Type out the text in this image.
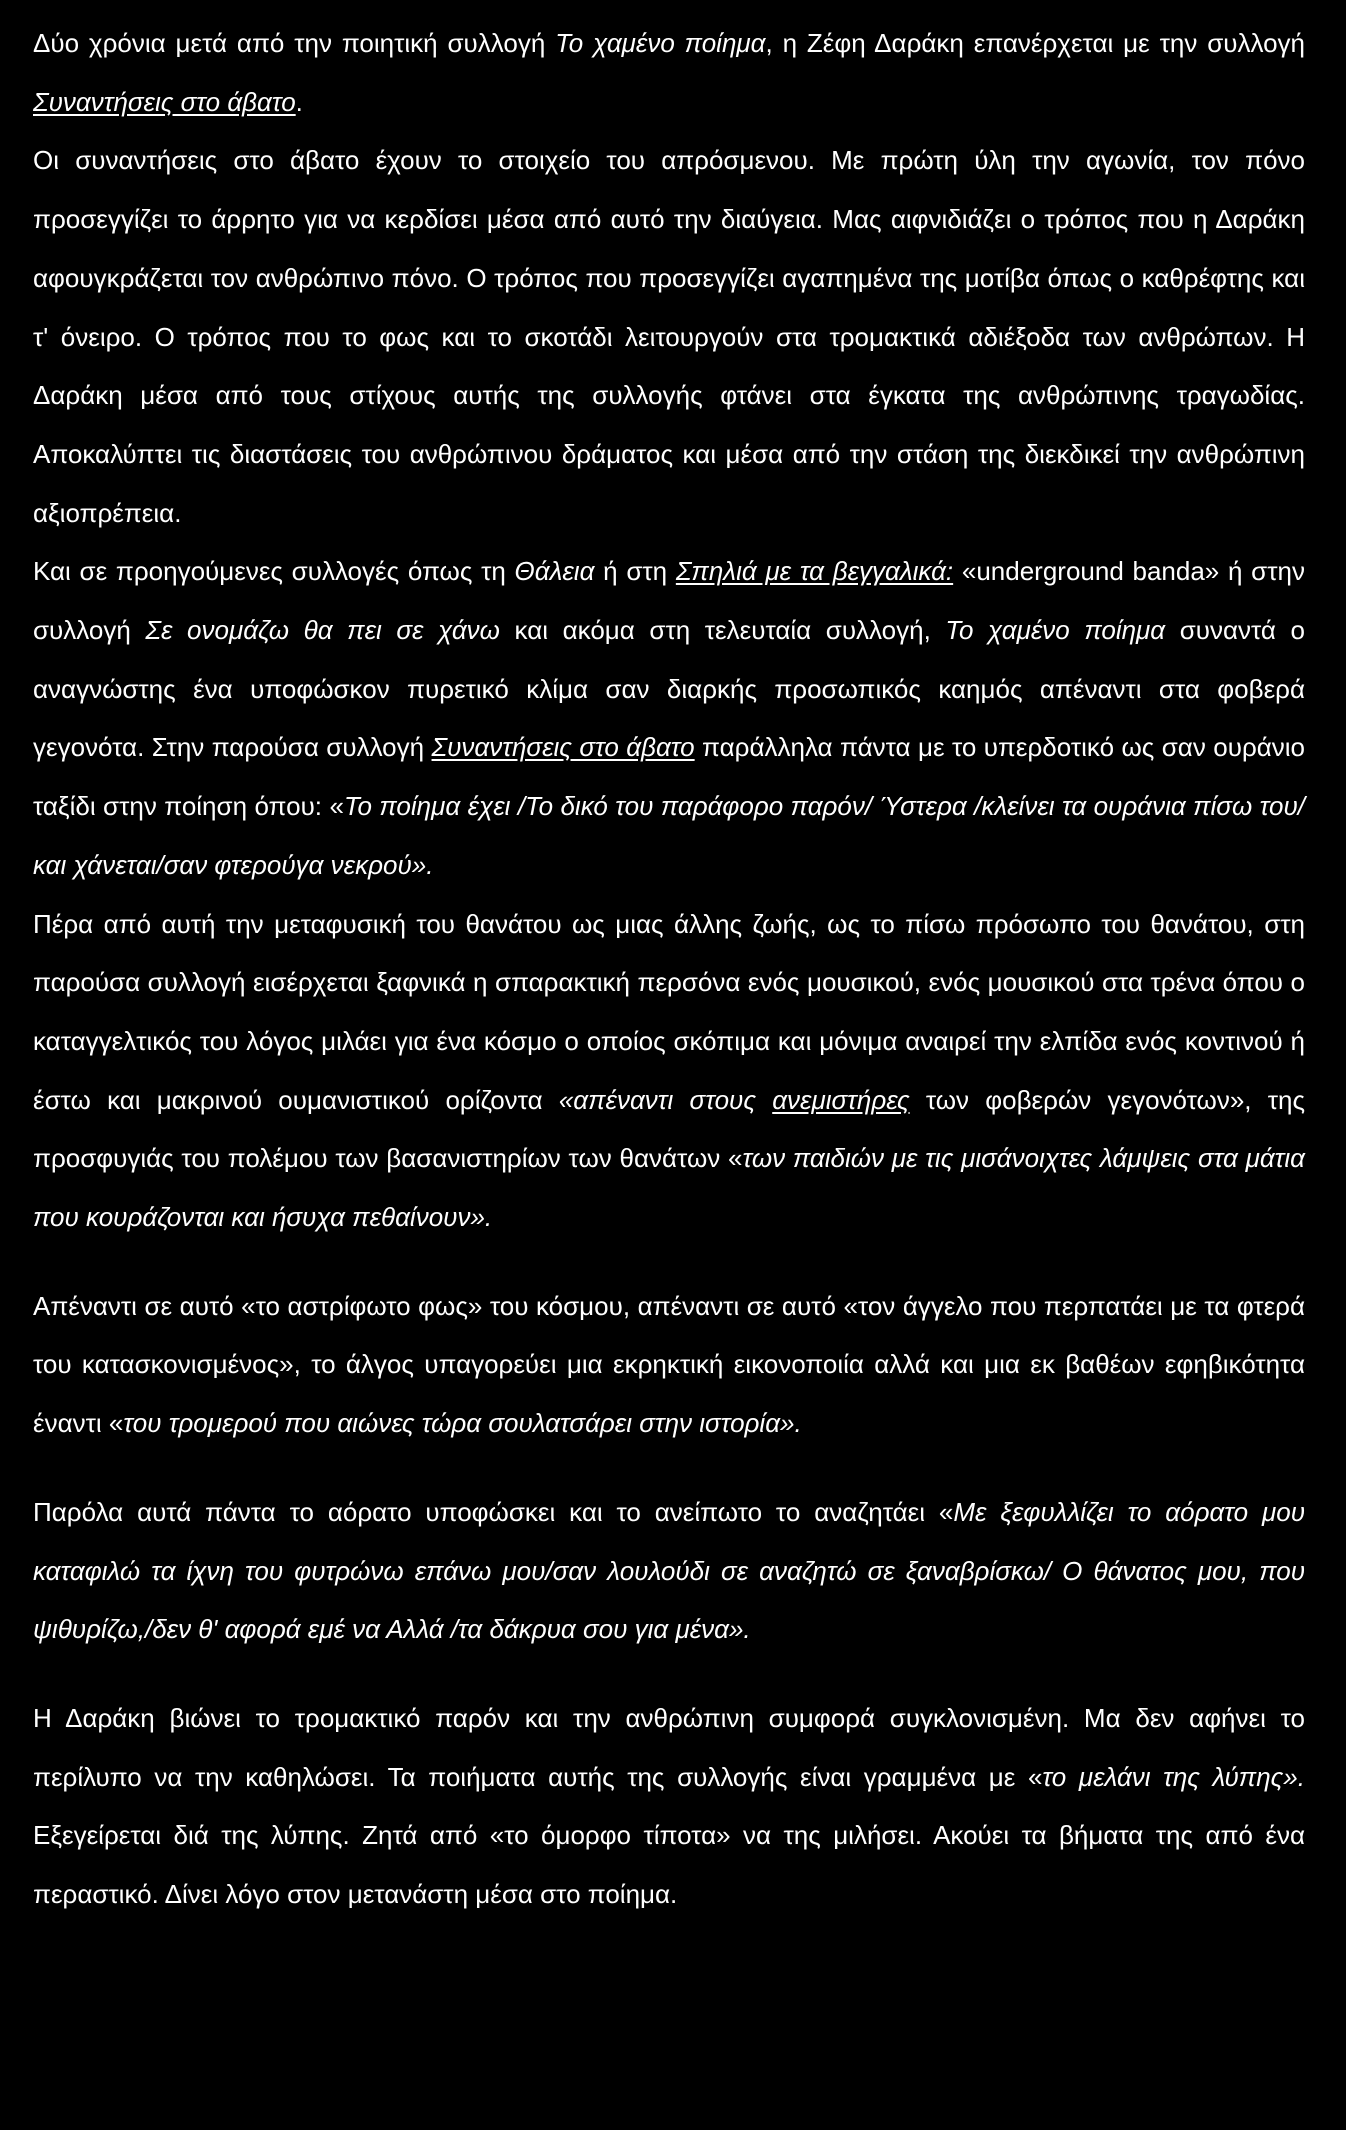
Δύο χρόνια μετά από την ποιητική συλλογή Το χαμένο ποίημα, η Ζέφη Δαράκη επανέρχεται με την συλλογή Συναντήσεις στο άβατο.

Οι συναντήσεις στο άβατο έχουν το στοιχείο του απρόσμενου. Με πρώτη ύλη την αγωνία, τον πόνο προσεγγίζει το άρρητο για να κερδίσει μέσα από αυτό την διαύγεια. Μας αιφνιδιάζει ο τρόπος που η Δαράκη αφουγκράζεται τον ανθρώπινο πόνο. Ο τρόπος που προσεγγίζει αγαπημένα της μοτίβα όπως ο καθρέφτης και τ' όνειρο. Ο τρόπος που το φως και το σκοτάδι λειτουργούν στα τρομακτικά αδιέξοδα των ανθρώπων. Η Δαράκη μέσα από τους στίχους αυτής της συλλογής φτάνει στα έγκατα της ανθρώπινης τραγωδίας. Αποκαλύπτει τις διαστάσεις του ανθρώπινου δράματος και μέσα από την στάση της διεκδικεί την ανθρώπινη αξιοπρέπεια.

Και σε προηγούμενες συλλογές όπως τη Θάλεια ή στη Σπηλιά με τα βεγγαλικά: «underground banda» ή στην συλλογή Σε ονομάζω θα πει σε χάνω και ακόμα στη τελευταία συλλογή, Το χαμένο ποίημα συναντά ο αναγνώστης ένα υποφώσκον πυρετικό κλίμα σαν διαρκής προσωπικός καημός απέναντι στα φοβερά γεγονότα. Στην παρούσα συλλογή Συναντήσεις στο άβατο παράλληλα πάντα με το υπερδοτικό ως σαν ουράνιο ταξίδι στην ποίηση όπου: «Το ποίημα έχει /Το δικό του παράφορο παρόν/ Ύστερα /κλείνει τα ουράνια πίσω του/και χάνεται/σαν φτερούγα νεκρού».

Πέρα από αυτή την μεταφυσική του θανάτου ως μιας άλλης ζωής, ως το πίσω πρόσωπο του θανάτου, στη παρούσα συλλογή εισέρχεται ξαφνικά η σπαρακτική περσόνα ενός μουσικού, ενός μουσικού στα τρένα όπου ο καταγγελτικός του λόγος μιλάει για ένα κόσμο ο οποίος σκόπιμα και μόνιμα αναιρεί την ελπίδα ενός κοντινού ή έστω και μακρινού ουμανιστικού ορίζοντα «απέναντι στους ανεμιστήρες των φοβερών γεγονότων», της προσφυγιάς του πολέμου των βασανιστηρίων των θανάτων «των παιδιών με τις μισάνοιχτες λάμψεις στα μάτια που κουράζονται και ήσυχα πεθαίνουν».

Απέναντι σε αυτό «το αστρίφωτο φως» του κόσμου, απέναντι σε αυτό «τον άγγελο που περπατάει με τα φτερά του κατασκονισμένος», το άλγος υπαγορεύει μια εκρηκτική εικονοποιία αλλά και μια εκ βαθέων εφηβικότητα έναντι «του τρομερού που αιώνες τώρα σουλατσάρει στην ιστορία».

Παρόλα αυτά πάντα το αόρατο υποφώσκει και το ανείπωτο το αναζητάει «Με ξεφυλλίζει το αόρατο μου καταφιλώ τα ίχνη του φυτρώνω επάνω μου/σαν λουλούδι σε αναζητώ σε ξαναβρίσκω/ Ο θάνατος μου, που ψιθυρίζω,/δεν θ' αφορά εμέ να Αλλά /τα δάκρυα σου για μένα».

Η Δαράκη βιώνει το τρομακτικό παρόν και την ανθρώπινη συμφορά συγκλονισμένη. Μα δεν αφήνει το περίλυπο να την καθηλώσει. Τα ποιήματα αυτής της συλλογής είναι γραμμένα με «το μελάνι της λύπης». Εξεγείρεται διά της λύπης. Ζητά από «το όμορφο τίποτα» να της μιλήσει. Ακούει τα βήματα της από ένα περαστικό. Δίνει λόγο στον μετανάστη μέσα στο ποίημα.
